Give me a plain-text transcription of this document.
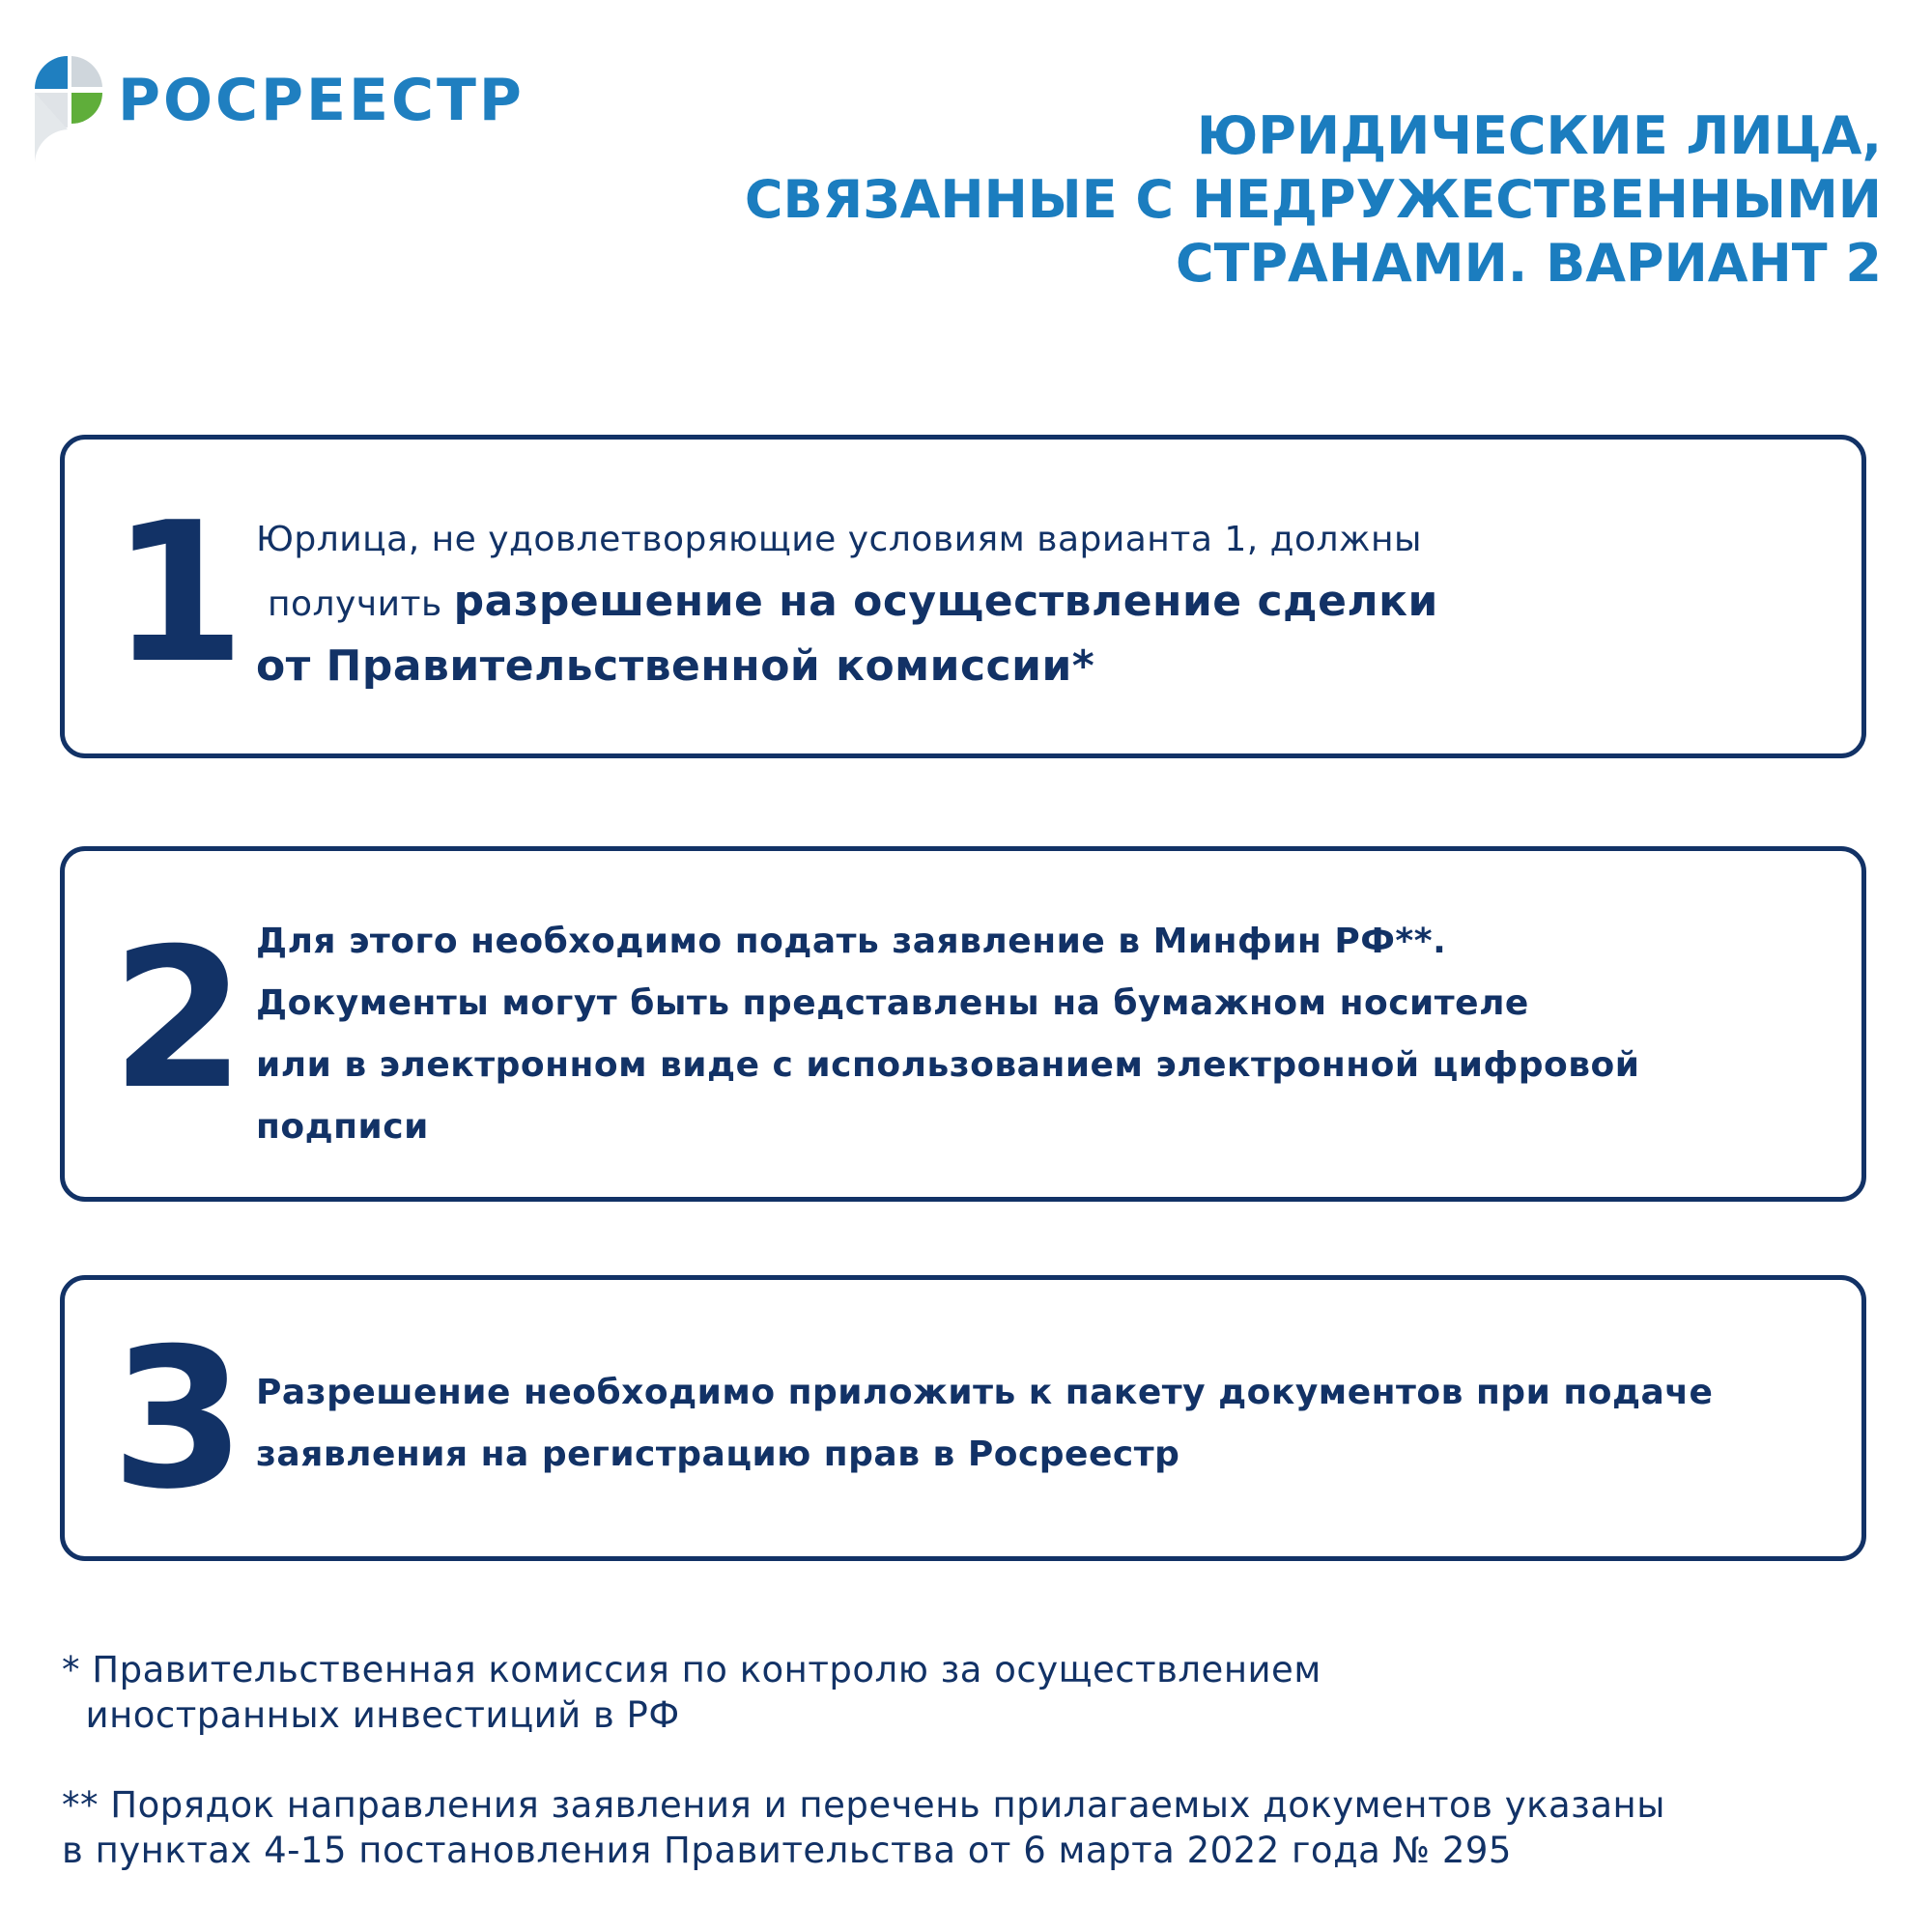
РОСРЕЕСТР
ЮРИДИЧЕСКИЕ ЛИЦА,
СВЯЗАННЫЕ С НЕДРУЖЕСТВЕННЫМИ
СТРАНАМИ. ВАРИАНТ 2
1 Юрлица, не удовлетворяющие условиям варианта 1, должны
получить разрешение на осуществление сделки
от Правительственной комиссии*
2 Для этого необходимо подать заявление в Минфин РФ**.
Документы могут быть представлены на бумажном носителе
или в электронном виде с использованием электронной цифровой
подписи
3 Разрешение необходимо приложить к пакету документов при подаче
заявления на регистрацию прав в Росреестр
* Правительственная комиссия по контролю за осуществлением
иностранных инвестиций в РФ
** Порядок направления заявления и перечень прилагаемых документов указаны
в пунктах 4-15 постановления Правительства от 6 марта 2022 года № 295
